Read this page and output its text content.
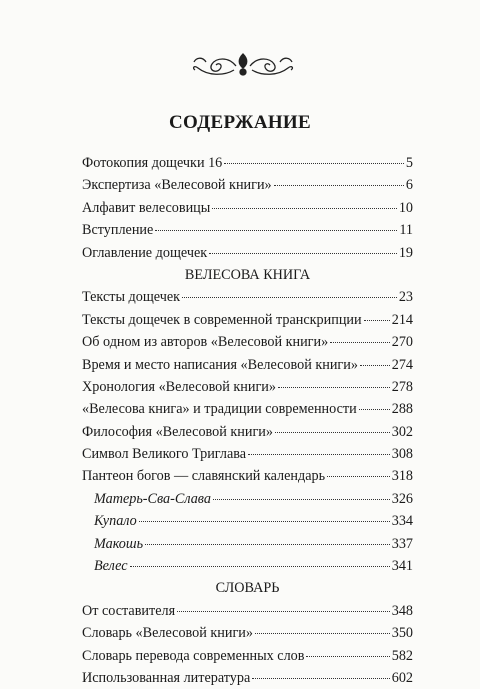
СОДЕРЖАНИЕ
Фотокопия дощечки 16	5
Экспертиза «Велесовой книги»	6
Алфавит велесовицы	10
Вступление	11
Оглавление дощечек	19
ВЕЛЕСОВА КНИГА
Тексты дощечек	23
Тексты дощечек в современной транскрипции 214
Об одном из авторов «Велесовой книги»	270
Время и место написания «Велесовой книги» 274
Хронология «Велесовой книги»	278
«Велесова книга» и традиции современности 288
Философия «Велесовой книги»	302
Символ Великого Триглава	308
Пантеон богов — славянский календарь	318
Матерь-Сва-Слава	326
Купало	334
Макошь	337
Велес	341
СЛОВАРЬ
От составителя	348
Словарь «Велесовой книги»	350
Словарь перевода современных слов	582
Использованная литература	602
